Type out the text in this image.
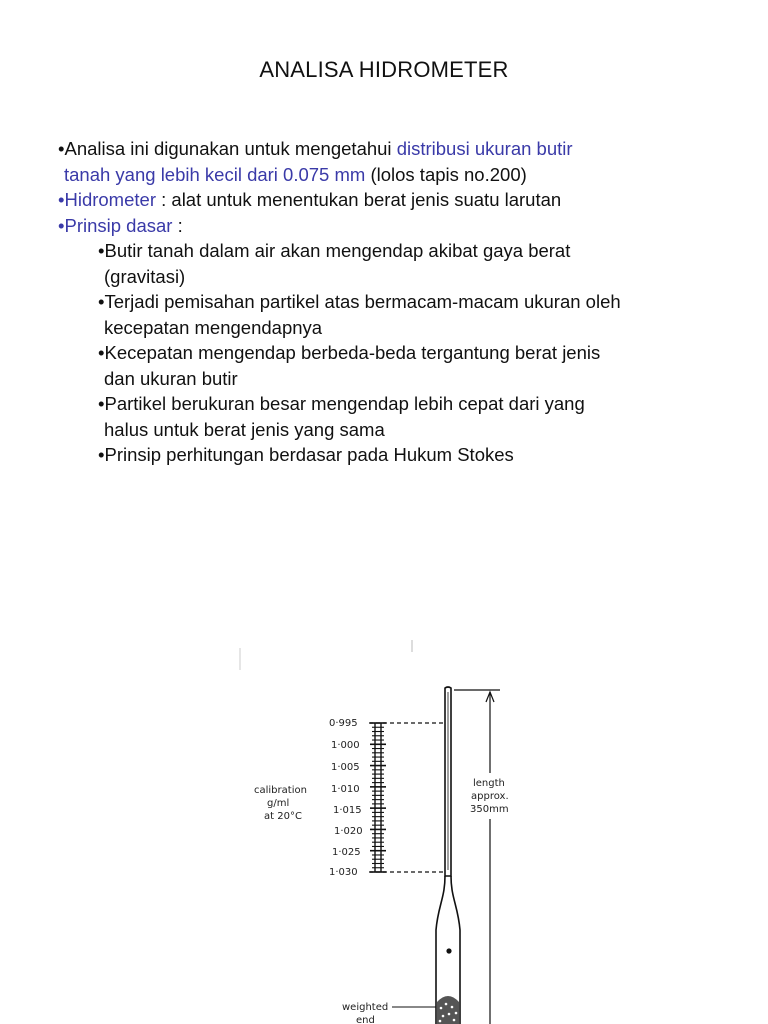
ANALISA HIDROMETER
•Analisa ini digunakan untuk mengetahui distribusi ukuran butir
tanah yang lebih kecil dari 0.075 mm (lolos tapis no.200)
•Hidrometer : alat untuk menentukan berat jenis suatu larutan
•Prinsip dasar :
•Butir tanah dalam air akan mengendap akibat gaya berat
(gravitasi)
•Terjadi pemisahan partikel atas bermacam-macam ukuran oleh
kecepatan mengendapnya
•Kecepatan mengendap berbeda-beda tergantung berat jenis
dan ukuran butir
•Partikel berukuran besar mengendap lebih cepat dari yang
halus untuk berat jenis yang sama
•Prinsip perhitungan berdasar pada Hukum Stokes
0·995
1·000
1·005
1·010
1·015
1·020
1·025
1·030
calibration
g/ml
at 20°C
length
approx.
350mm
weighted
end
